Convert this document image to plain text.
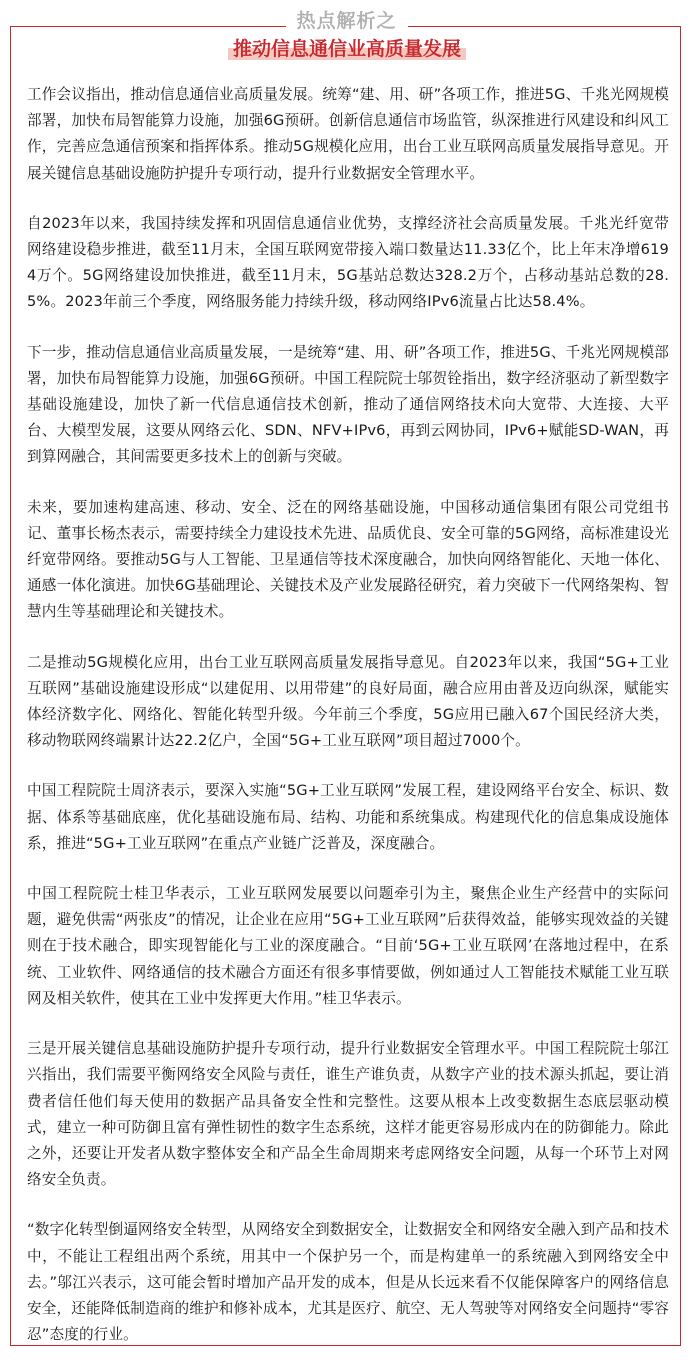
热点解析之
推动信息通信业高质量发展

工作会议指出，推动信息通信业高质量发展。统筹“建、用、研”各项工作，推进5G、千兆光网规模部署，加快布局智能算力设施，加强6G预研。创新信息通信市场监管，纵深推进行风建设和纠风工作，完善应急通信预案和指挥体系。推动5G规模化应用，出台工业互联网高质量发展指导意见。开展关键信息基础设施防护提升专项行动，提升行业数据安全管理水平。

自2023年以来，我国持续发挥和巩固信息通信业优势，支撑经济社会高质量发展。千兆光纤宽带网络建设稳步推进，截至11月末，全国互联网宽带接入端口数量达11.33亿个，比上年末净增6194万个。5G网络建设加快推进，截至11月末，5G基站总数达328.2万个，占移动基站总数的28.5%。2023年前三个季度，网络服务能力持续升级，移动网络IPv6流量占比达58.4%。

下一步，推动信息通信业高质量发展，一是统筹“建、用、研”各项工作，推进5G、千兆光网规模部署，加快布局智能算力设施，加强6G预研。中国工程院院士邬贺铨指出，数字经济驱动了新型数字基础设施建设，加快了新一代信息通信技术创新，推动了通信网络技术向大宽带、大连接、大平台、大模型发展，这要从网络云化、SDN、NFV+IPv6，再到云网协同，IPv6+赋能SD-WAN，再到算网融合，其间需要更多技术上的创新与突破。

未来，要加速构建高速、移动、安全、泛在的网络基础设施，中国移动通信集团有限公司党组书记、董事长杨杰表示，需要持续全力建设技术先进、品质优良、安全可靠的5G网络，高标准建设光纤宽带网络。要推动5G与人工智能、卫星通信等技术深度融合，加快向网络智能化、天地一体化、通感一体化演进。加快6G基础理论、关键技术及产业发展路径研究，着力突破下一代网络架构、智慧内生等基础理论和关键技术。

二是推动5G规模化应用，出台工业互联网高质量发展指导意见。自2023年以来，我国“5G+工业互联网”基础设施建设形成“以建促用、以用带建”的良好局面，融合应用由普及迈向纵深，赋能实体经济数字化、网络化、智能化转型升级。今年前三个季度，5G应用已融入67个国民经济大类，移动物联网终端累计达22.2亿户，全国“5G+工业互联网”项目超过7000个。

中国工程院院士周济表示，要深入实施“5G+工业互联网”发展工程，建设网络平台安全、标识、数据、体系等基础底座，优化基础设施布局、结构、功能和系统集成。构建现代化的信息集成设施体系，推进“5G+工业互联网”在重点产业链广泛普及，深度融合。

中国工程院院士桂卫华表示，工业互联网发展要以问题牵引为主，聚焦企业生产经营中的实际问题，避免供需“两张皮”的情况，让企业在应用“5G+工业互联网”后获得效益，能够实现效益的关键则在于技术融合，即实现智能化与工业的深度融合。“目前‘5G+工业互联网’在落地过程中，在系统、工业软件、网络通信的技术融合方面还有很多事情要做，例如通过人工智能技术赋能工业互联网及相关软件，使其在工业中发挥更大作用。”桂卫华表示。

三是开展关键信息基础设施防护提升专项行动，提升行业数据安全管理水平。中国工程院院士邬江兴指出，我们需要平衡网络安全风险与责任，谁生产谁负责，从数字产业的技术源头抓起，要让消费者信任他们每天使用的数据产品具备安全性和完整性。这要从根本上改变数据生态底层驱动模式，建立一种可防御且富有弹性韧性的数字生态系统，这样才能更容易形成内在的防御能力。除此之外，还要让开发者从数字整体安全和产品全生命周期来考虑网络安全问题，从每一个环节上对网络安全负责。

“数字化转型倒逼网络安全转型，从网络安全到数据安全，让数据安全和网络安全融入到产品和技术中，不能让工程组出两个系统，用其中一个保护另一个，而是构建单一的系统融入到网络安全中去。”邬江兴表示，这可能会暂时增加产品开发的成本，但是从长远来看不仅能保障客户的网络信息安全，还能降低制造商的维护和修补成本，尤其是医疗、航空、无人驾驶等对网络安全问题持“零容忍”态度的行业。
